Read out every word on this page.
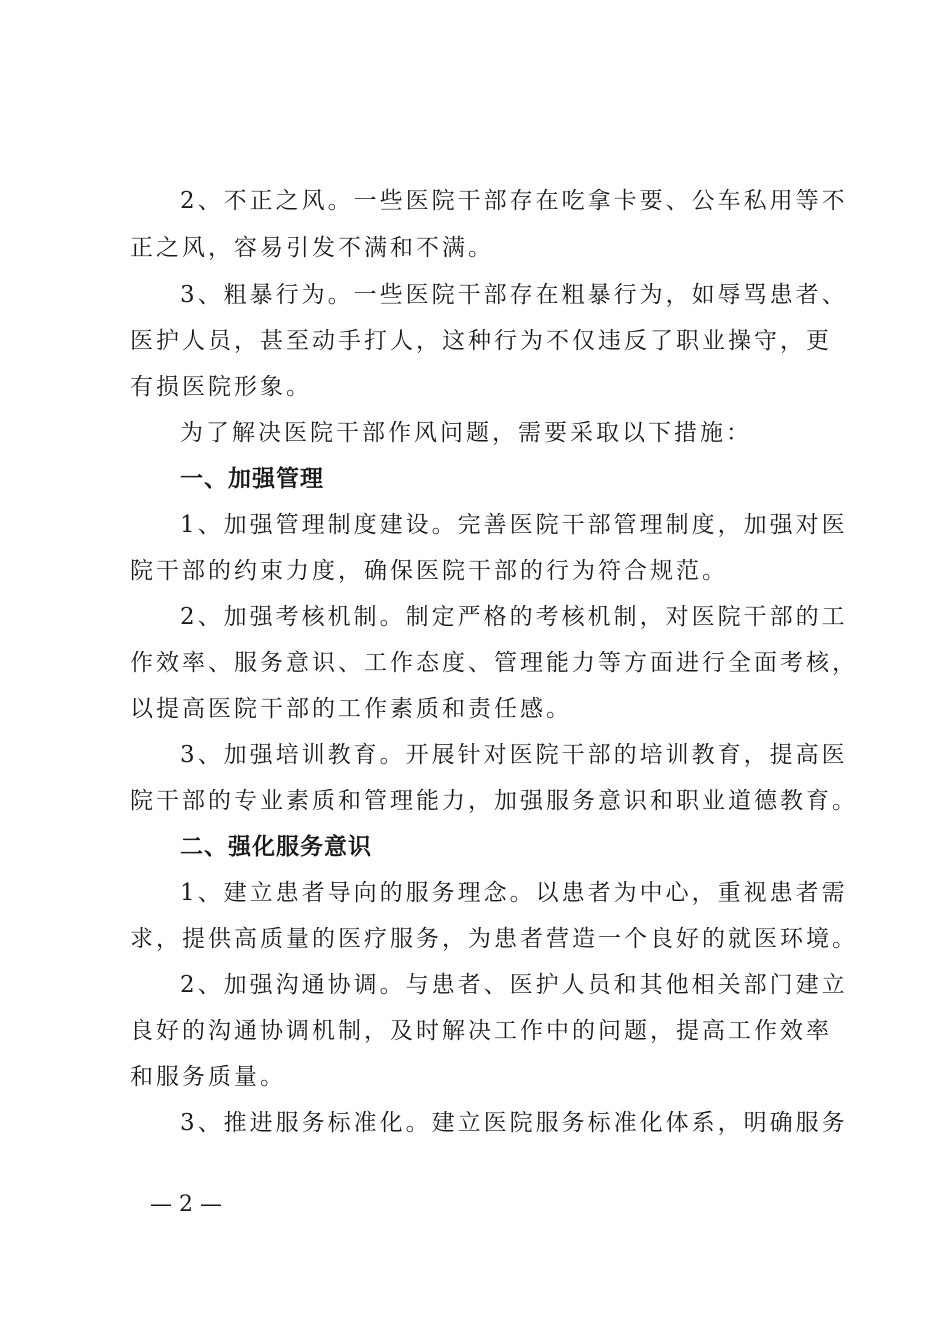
2、不正之风。一些医院干部存在吃拿卡要、公车私用等不
正之风，容易引发不满和不满。
3、粗暴行为。一些医院干部存在粗暴行为，如辱骂患者、
医护人员，甚至动手打人，这种行为不仅违反了职业操守，更
有损医院形象。
为了解决医院干部作风问题，需要采取以下措施：
一、加强管理
1、加强管理制度建设。完善医院干部管理制度，加强对医
院干部的约束力度，确保医院干部的行为符合规范。
2、加强考核机制。制定严格的考核机制，对医院干部的工
作效率、服务意识、工作态度、管理能力等方面进行全面考核，
以提高医院干部的工作素质和责任感。
3、加强培训教育。开展针对医院干部的培训教育，提高医
院干部的专业素质和管理能力，加强服务意识和职业道德教育。
二、强化服务意识
1、建立患者导向的服务理念。以患者为中心，重视患者需
求，提供高质量的医疗服务，为患者营造一个良好的就医环境。
2、加强沟通协调。与患者、医护人员和其他相关部门建立
良好的沟通协调机制，及时解决工作中的问题，提高工作效率
和服务质量。
3、推进服务标准化。建立医院服务标准化体系，明确服务
— 2 —
